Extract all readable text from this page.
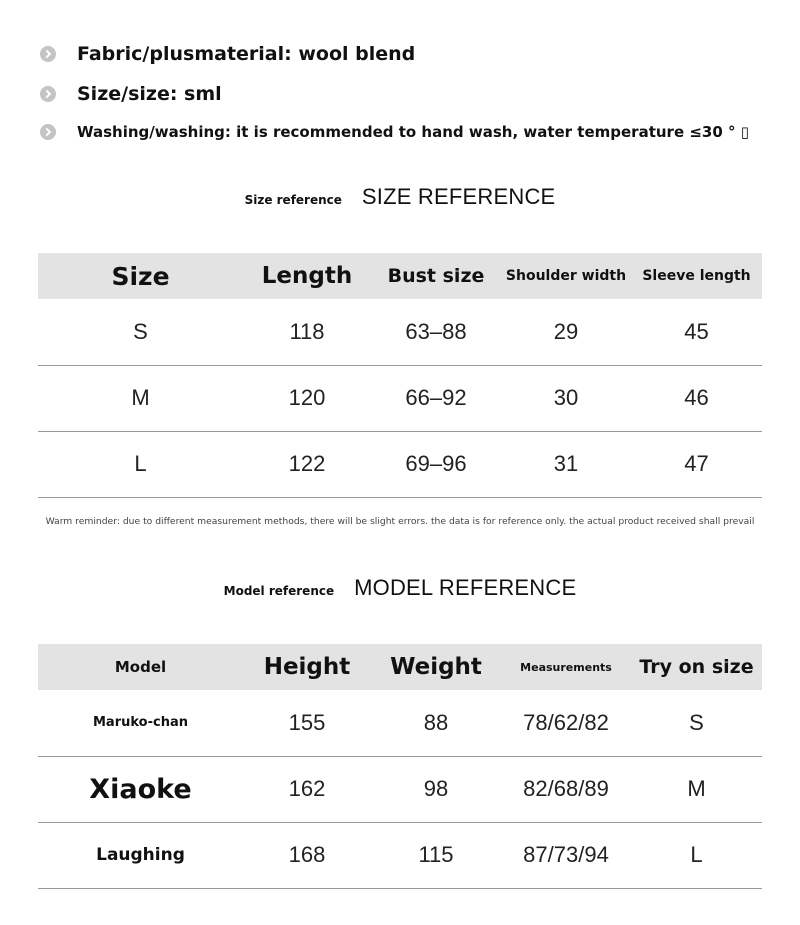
Fabric/plusmaterial: wool blend
Size/size: sml
Washing/washing: it is recommended to hand wash, water temperature ≤30 ° ▯
Size reference SIZE REFERENCE
Size	Length	Bust size	Shoulder width	Sleeve length
S	118	63–88	29	45
M	120	66–92	30	46
L	122	69–96	31	47
Warm reminder: due to different measurement methods, there will be slight errors. the data is for reference only. the actual product received shall prevail
Model reference MODEL REFERENCE
Model	Height	Weight	Measurements	Try on size
Maruko-chan	155	88	78/62/82	S
Xiaoke	162	98	82/68/89	M
Laughing	168	115	87/73/94	L
